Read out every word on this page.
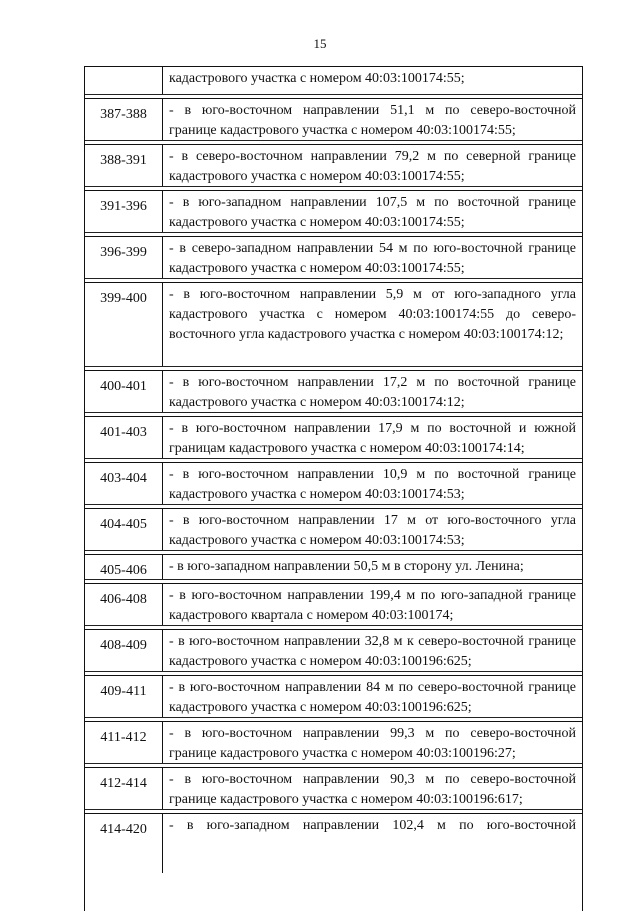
15
кадастрового участка с номером 40:03:100174:55;
387-388	- в юго-восточном направлении 51,1 м по северо-восточной границе кадастрового участка с номером 40:03:100174:55;
388-391	- в северо-восточном направлении 79,2 м по северной границе кадастрового участка с номером 40:03:100174:55;
391-396	- в юго-западном направлении 107,5 м по восточной границе кадастрового участка с номером 40:03:100174:55;
396-399	- в северо-западном направлении 54 м по юго-восточной границе кадастрового участка с номером 40:03:100174:55;
399-400	- в юго-восточном направлении 5,9 м от юго-западного угла кадастрового участка с номером 40:03:100174:55 до северо-восточного угла кадастрового участка с номером 40:03:100174:12;
400-401	- в юго-восточном направлении 17,2 м по восточной границе кадастрового участка с номером 40:03:100174:12;
401-403	- в юго-восточном направлении 17,9 м по восточной и южной границам кадастрового участка с номером 40:03:100174:14;
403-404	- в юго-восточном направлении 10,9 м по восточной границе кадастрового участка с номером 40:03:100174:53;
404-405	- в юго-восточном направлении 17 м от юго-восточного угла кадастрового участка с номером 40:03:100174:53;
405-406	- в юго-западном направлении 50,5 м в сторону ул. Ленина;
406-408	- в юго-восточном направлении 199,4 м по юго-западной границе кадастрового квартала с номером 40:03:100174;
408-409	- в юго-восточном направлении 32,8 м к северо-восточной границе кадастрового участка с номером 40:03:100196:625;
409-411	- в юго-восточном направлении 84 м по северо-восточной границе кадастрового участка с номером 40:03:100196:625;
411-412	- в юго-восточном направлении 99,3 м по северо-восточной границе кадастрового участка с номером 40:03:100196:27;
412-414	- в юго-восточном направлении 90,3 м по северо-восточной границе кадастрового участка с номером 40:03:100196:617;
414-420	- в юго-западном направлении 102,4 м по юго-восточной
